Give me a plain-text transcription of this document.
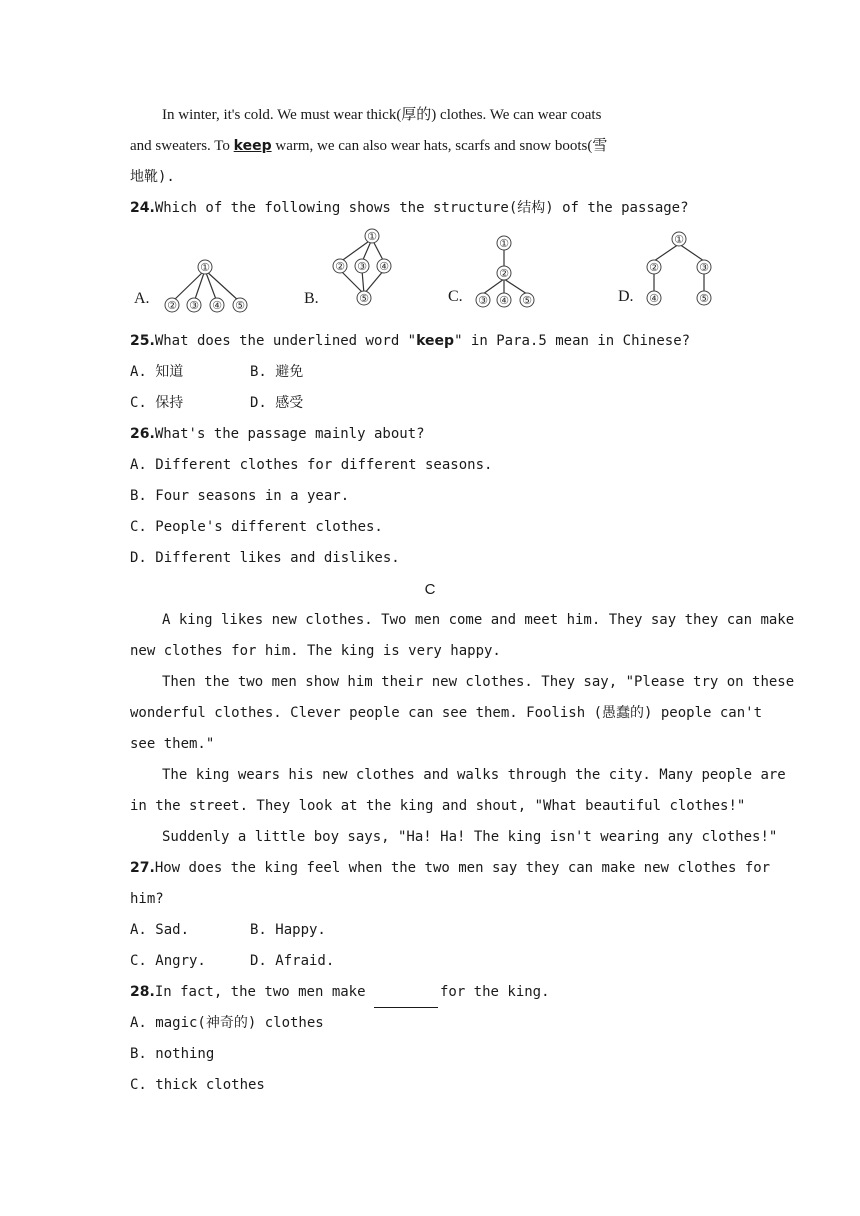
In winter, it's cold. We must wear thick(厚的) clothes. We can wear coats
and sweaters. To keep warm, we can also wear hats, scarfs and snow boots(雪
地靴).
24.Which of the following shows the structure(结构) of the passage?
A.
①
② ③ ④ ⑤	B.
①
② ③ ④
⑤	C.
①
②
③ ④ ⑤	D.
①
②	③
④	⑤
25.What does the underlined word "keep" in Para.5 mean in Chinese?
A. 知道	B. 避免
C. 保持	D. 感受
26.What's the passage mainly about?
A. Different clothes for different seasons.
B. Four seasons in a year.
C. People's different clothes.
D. Different likes and dislikes.
C
A king likes new clothes. Two men come and meet him. They say they can make
new clothes for him. The king is very happy.
Then the two men show him their new clothes. They say, "Please try on these
wonderful clothes. Clever people can see them. Foolish (愚蠢的) people can't
see them."
The king wears his new clothes and walks through the city. Many people are
in the street. They look at the king and shout, "What beautiful clothes!"
Suddenly a little boy says, "Ha! Ha! The king isn't wearing any clothes!"
27.How does the king feel when the two men say they can make new clothes for
him?
A. Sad.	B. Happy.
C. Angry.	D. Afraid.
28.In fact, the two men make	for the king.
A. magic(神奇的) clothes
B. nothing
C. thick clothes
